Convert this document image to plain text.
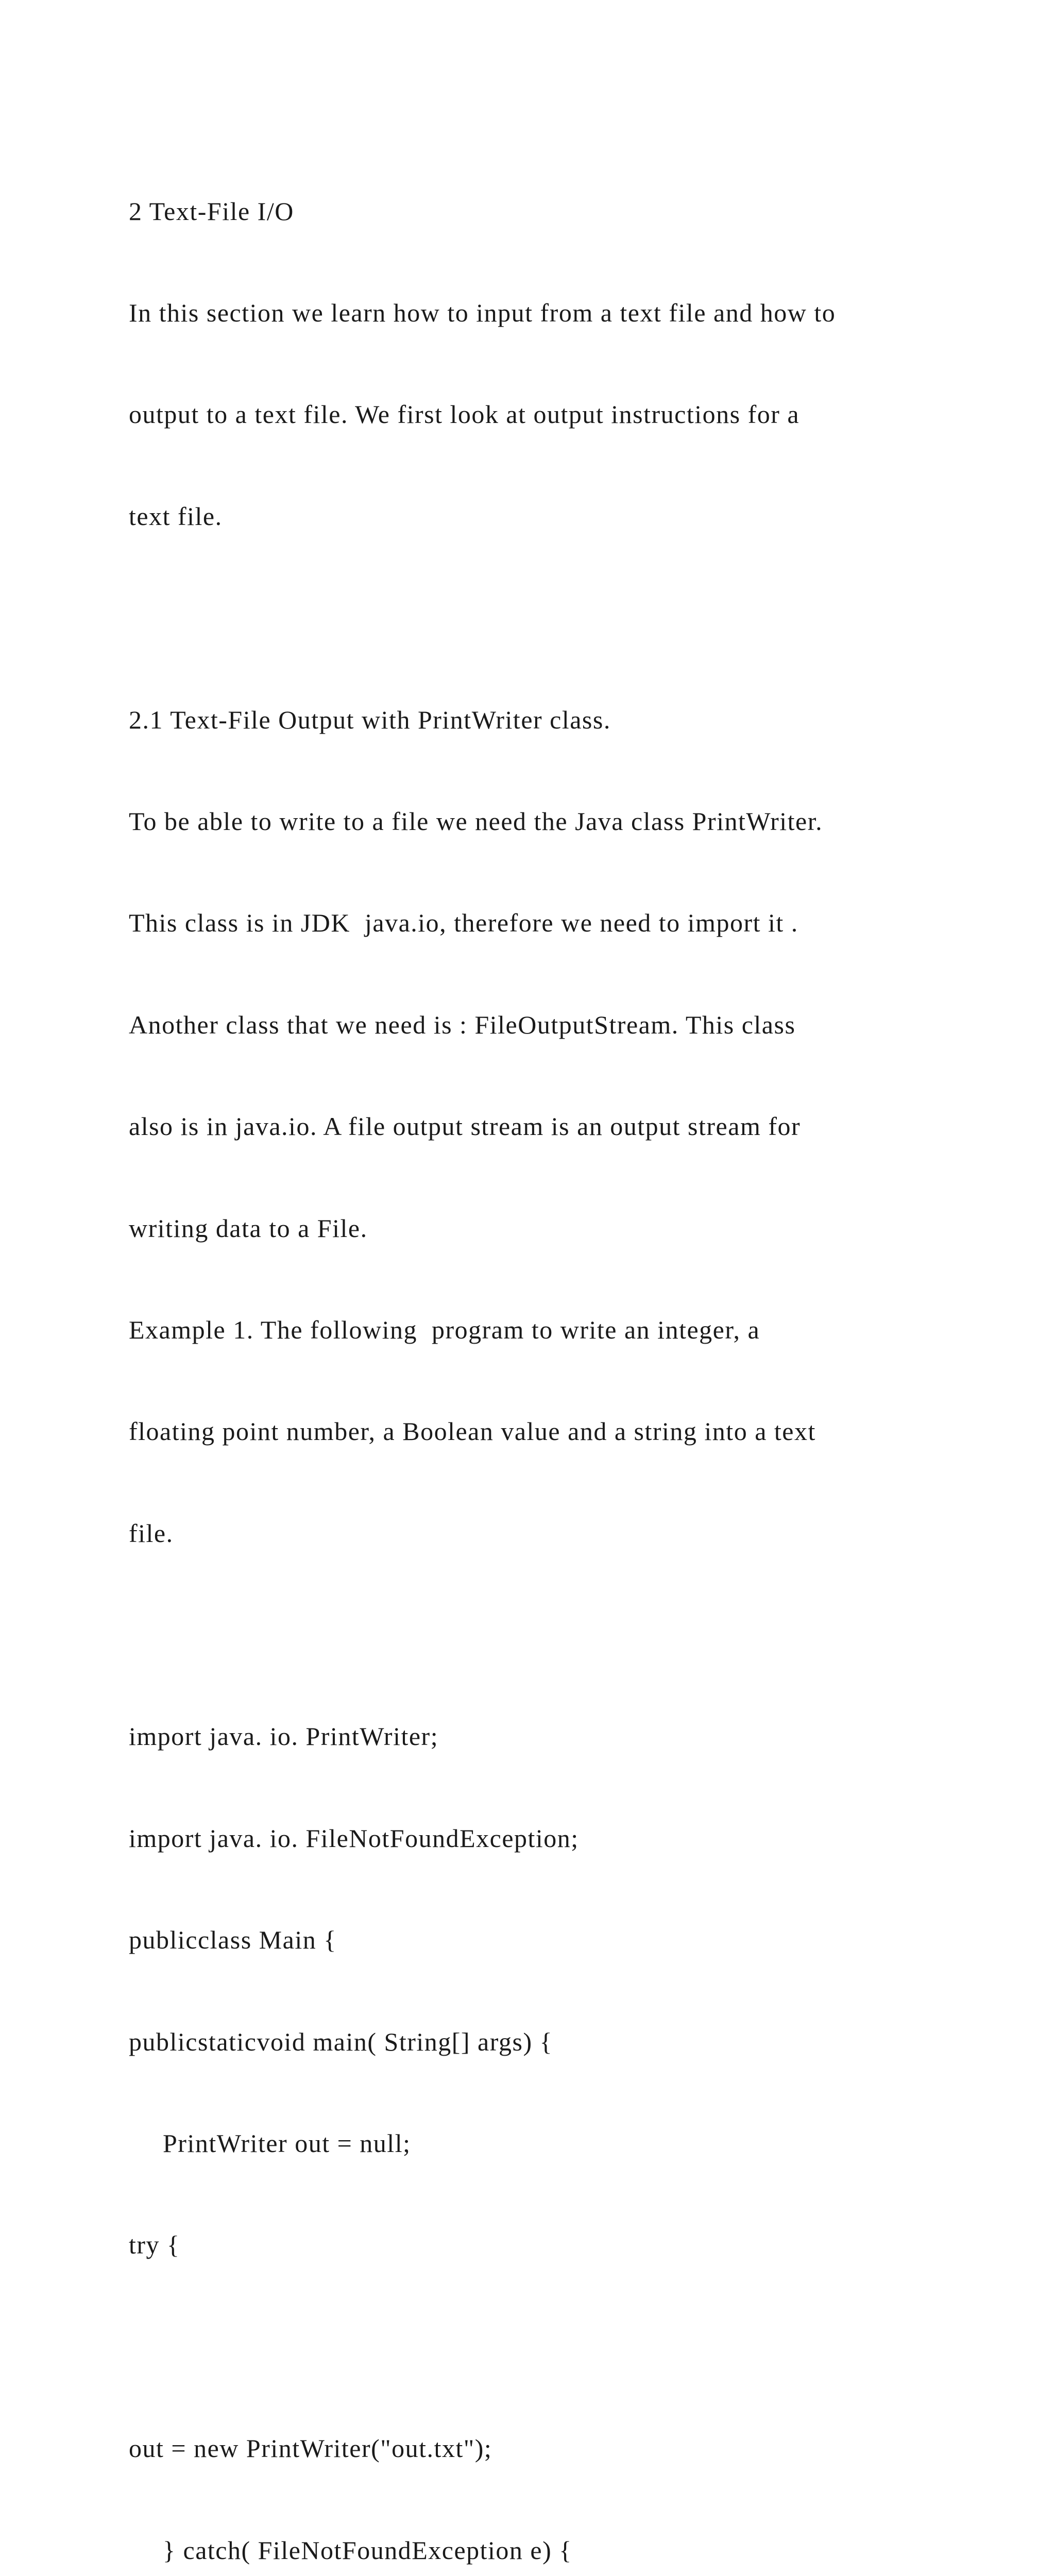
2 Text-File I/O

In this section we learn how to input from a text file and how to

output to a text file. We first look at output instructions for a

text file.

2.1 Text-File Output with PrintWriter class.

To be able to write to a file we need the Java class PrintWriter.

This class is in JDK  java.io, therefore we need to import it .

Another class that we need is : FileOutputStream. This class

also is in java.io. A file output stream is an output stream for

writing data to a File.

Example 1. The following  program to write an integer, a

floating point number, a Boolean value and a string into a text

file.

import java. io. PrintWriter;

import java. io. FileNotFoundException;

publicclass Main {

publicstaticvoid main( String[] args) {

PrintWriter out = null;

try {

out = new PrintWriter("out.txt");

} catch( FileNotFoundException e) {
